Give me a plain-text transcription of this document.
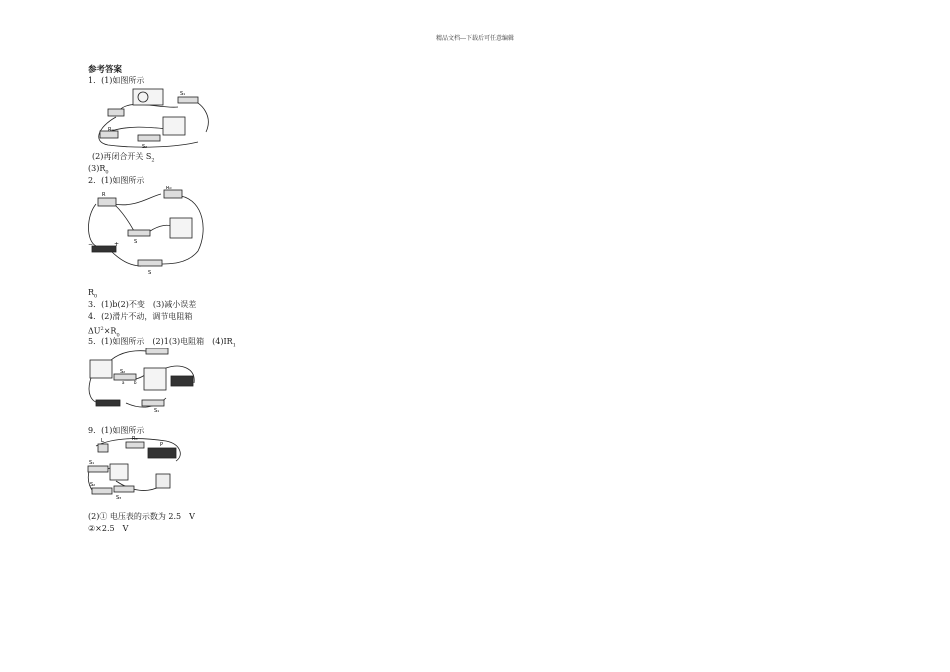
精品文档---下载后可任意编辑
参考答案
1．(1)如图所示
S₁
R₀
S₂
(2)再闭合开关 $S_2$
$(3)R_0$
2．(1)如图所示
R
R₀
S
S
−	+
$R_0$
3．(1)b(2)不变　(3)减小误差
4．(2)滑片不动，调节电阻箱
$\Delta U^2\times R_0$
5．(1)如图所示　(2)1(3)电阻箱　$(4)IR_1$
S₂
S₁
a b
9．(1)如图所示
L	R₀
P
S₁
S₂
S₃
(2)① 电压表的示数为 2.5　V
②×2.5　V
